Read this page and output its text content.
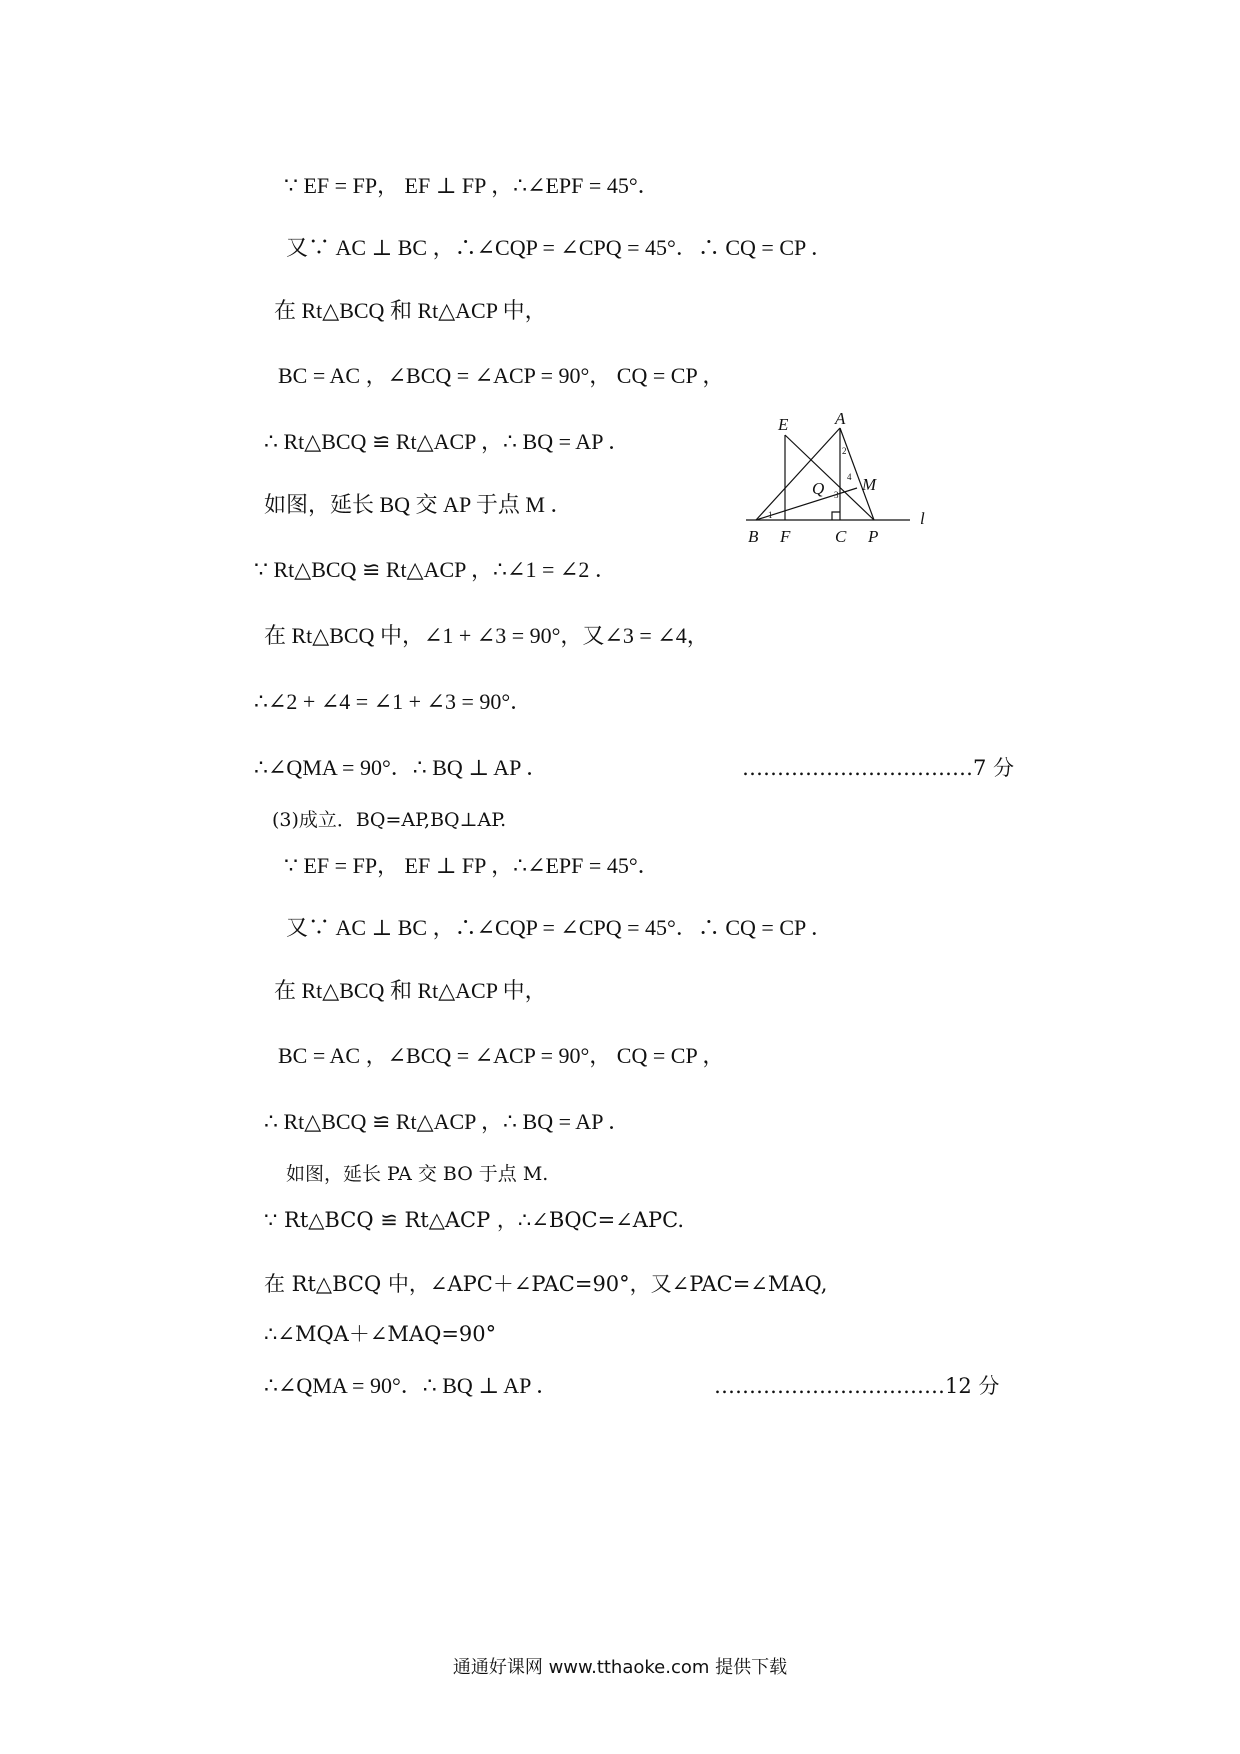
∵ EF = FP， EF ⊥ FP ，∴∠EPF = 45°．
又∵ AC ⊥ BC ，∴∠CQP = ∠CPQ = 45°．∴ CQ = CP ．
在 Rt△BCQ 和 Rt△ACP 中，
BC = AC ，∠BCQ = ∠ACP = 90°， CQ = CP ，
∴ Rt△BCQ ≌ Rt△ACP ，∴ BQ = AP ．
如图，延长 BQ 交 AP 于点 M ．
∵ Rt△BCQ ≌ Rt△ACP ，∴∠1 = ∠2 ．
在 Rt△BCQ 中，∠1 + ∠3 = 90°，又∠3 = ∠4，
∴∠2 + ∠4 = ∠1 + ∠3 = 90°．
∴∠QMA = 90°．∴ BQ ⊥ AP ．	……………………………7 分
(3)成立．BQ=AP,BQ⊥AP.
∵ EF = FP， EF ⊥ FP ，∴∠EPF = 45°．
又∵ AC ⊥ BC ，∴∠CQP = ∠CPQ = 45°．∴ CQ = CP ．
在 Rt△BCQ 和 Rt△ACP 中，
BC = AC ，∠BCQ = ∠ACP = 90°， CQ = CP ，
∴ Rt△BCQ ≌ Rt△ACP ，∴ BQ = AP ．
如图，延长 PA 交 BO 于点 M.
∵ Rt△BCQ ≌ Rt△ACP ，∴∠BQC=∠APC.
在 Rt△BCQ 中，∠APC＋∠PAC=90°，又∠PAC=∠MAQ,
∴∠MQA＋∠MAQ=90°
∴∠QMA = 90°．∴ BQ ⊥ AP ．	……………………………12 分
E	A
Q M
l
B F	C P
1
2
3
4
通通好课网 www.tthaoke.com 提供下载
